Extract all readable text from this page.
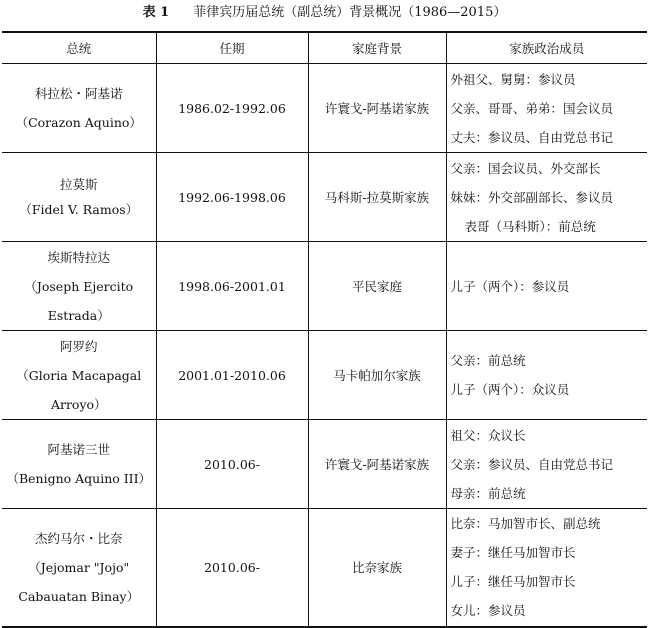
表 1 菲律宾历届总统（副总统）背景概况（1986—2015）
总统	任期	家庭背景	家族政治成员

科拉松・阿基诺
（Corazon Aquino）	1986.02-1992.06	许寰戈-阿基诺家族	外祖父、舅舅：参议员
父亲、哥哥、弟弟：国会议员
丈夫：参议员、自由党总书记

拉莫斯
（Fidel V. Ramos）	1992.06-1998.06	马科斯-拉莫斯家族	父亲：国会议员、外交部长
妹妹：外交部副部长、参议员
表哥（马科斯）：前总统

埃斯特拉达
（Joseph Ejercito
Estrada）	1998.06-2001.01	平民家庭	儿子（两个）：参议员

阿罗约
（Gloria Macapagal
Arroyo）	2001.01-2010.06	马卡帕加尔家族	父亲：前总统
儿子（两个）：众议员

阿基诺三世
（Benigno Aquino III）	2010.06-	许寰戈-阿基诺家族	祖父：众议长
父亲：参议员、自由党总书记
母亲：前总统

杰约马尔・比奈
（Jejomar "Jojo"
Cabauatan Binay）	2010.06-	比奈家族	比奈：马加智市长、副总统
妻子：继任马加智市长
儿子：继任马加智市长
女儿：参议员
